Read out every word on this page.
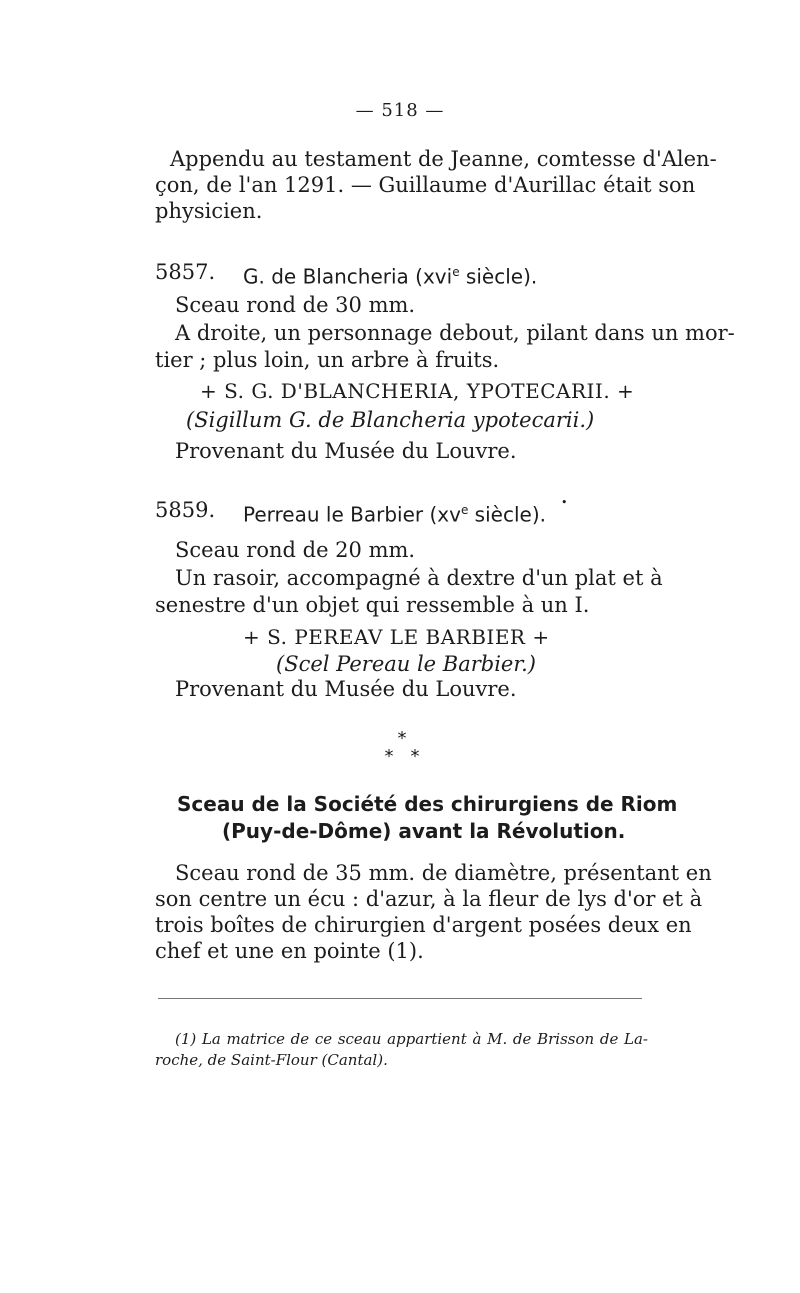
— 518 —
Appendu au testament de Jeanne, comtesse d'Alen-
çon, de l'an 1291. — Guillaume d'Aurillac était son
physicien.
5857. G. de Blancheria (xvi$^e$ siècle).
Sceau rond de 30 mm.
A droite, un personnage debout, pilant dans un mor-
tier ; plus loin, un arbre à fruits.
+ S. G. D'BLANCHERIA, YPOTECARII. +
(Sigillum G. de Blancheria ypotecarii.)
Provenant du Musée du Louvre.
5859. Perreau le Barbier ($xv^e$ siècle).
•
Sceau rond de 20 mm.
Un rasoir, accompagné à dextre d'un plat et à
senestre d'un objet qui ressemble à un I.
+ S. PEREAV LE BARBIER +
(Scel Pereau le Barbier.)
Provenant du Musée du Louvre.
*
* *
Sceau de la Société des chirurgiens de Riom
(Puy-de-Dôme) avant la Révolution.
Sceau rond de 35 mm. de diamètre, présentant en
son centre un écu : d'azur, à la fleur de lys d'or et à
trois boîtes de chirurgien d'argent posées deux en
chef et une en pointe (1).
(1) La matrice de ce sceau appartient à M. de Brisson de La-
roche, de Saint-Flour (Cantal).
